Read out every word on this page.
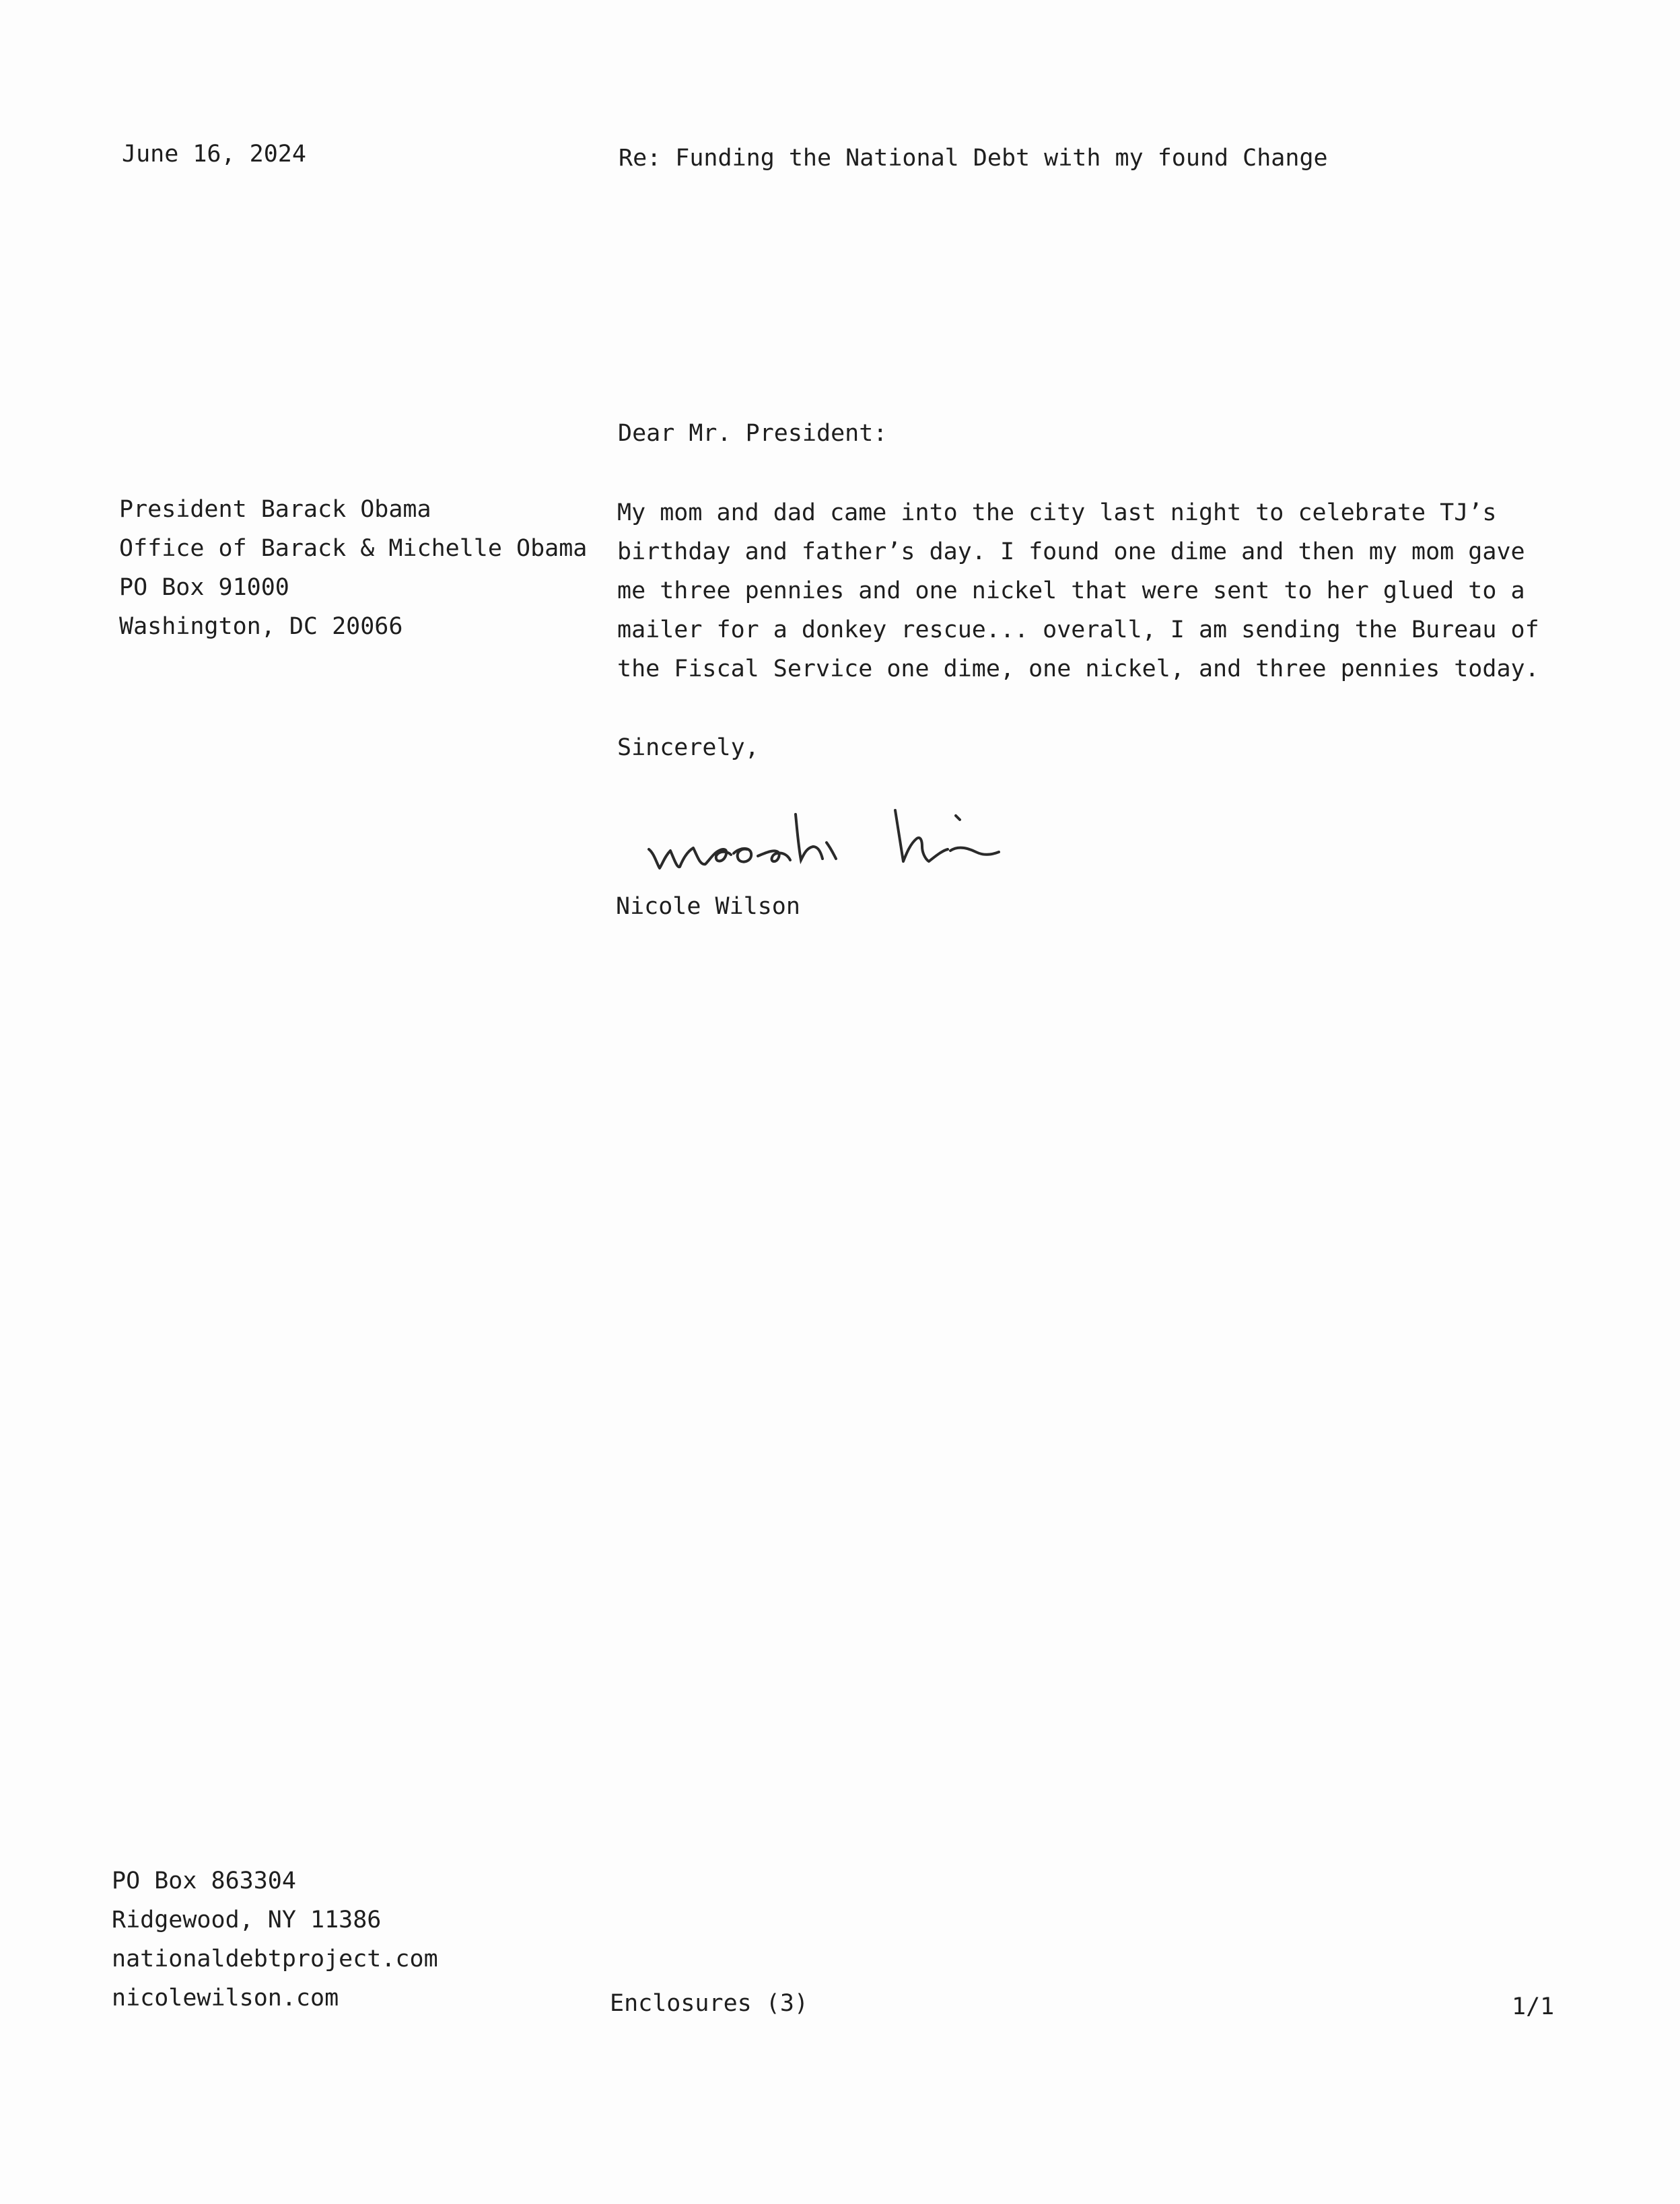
June 16, 2024	Re: Funding the National Debt with my found Change
Dear Mr. President:
President Barack Obama
Office of Barack & Michelle Obama
PO Box 91000
Washington, DC 20066
My mom and dad came into the city last night to celebrate TJ’s
birthday and father’s day. I found one dime and then my mom gave
me three pennies and one nickel that were sent to her glued to a
mailer for a donkey rescue... overall, I am sending the Bureau of
the Fiscal Service one dime, one nickel, and three pennies today.
Sincerely,
Nicole Wilson
PO Box 863304
Ridgewood, NY 11386
nationaldebtproject.com
nicolewilson.com	Enclosures (3)	1/1
